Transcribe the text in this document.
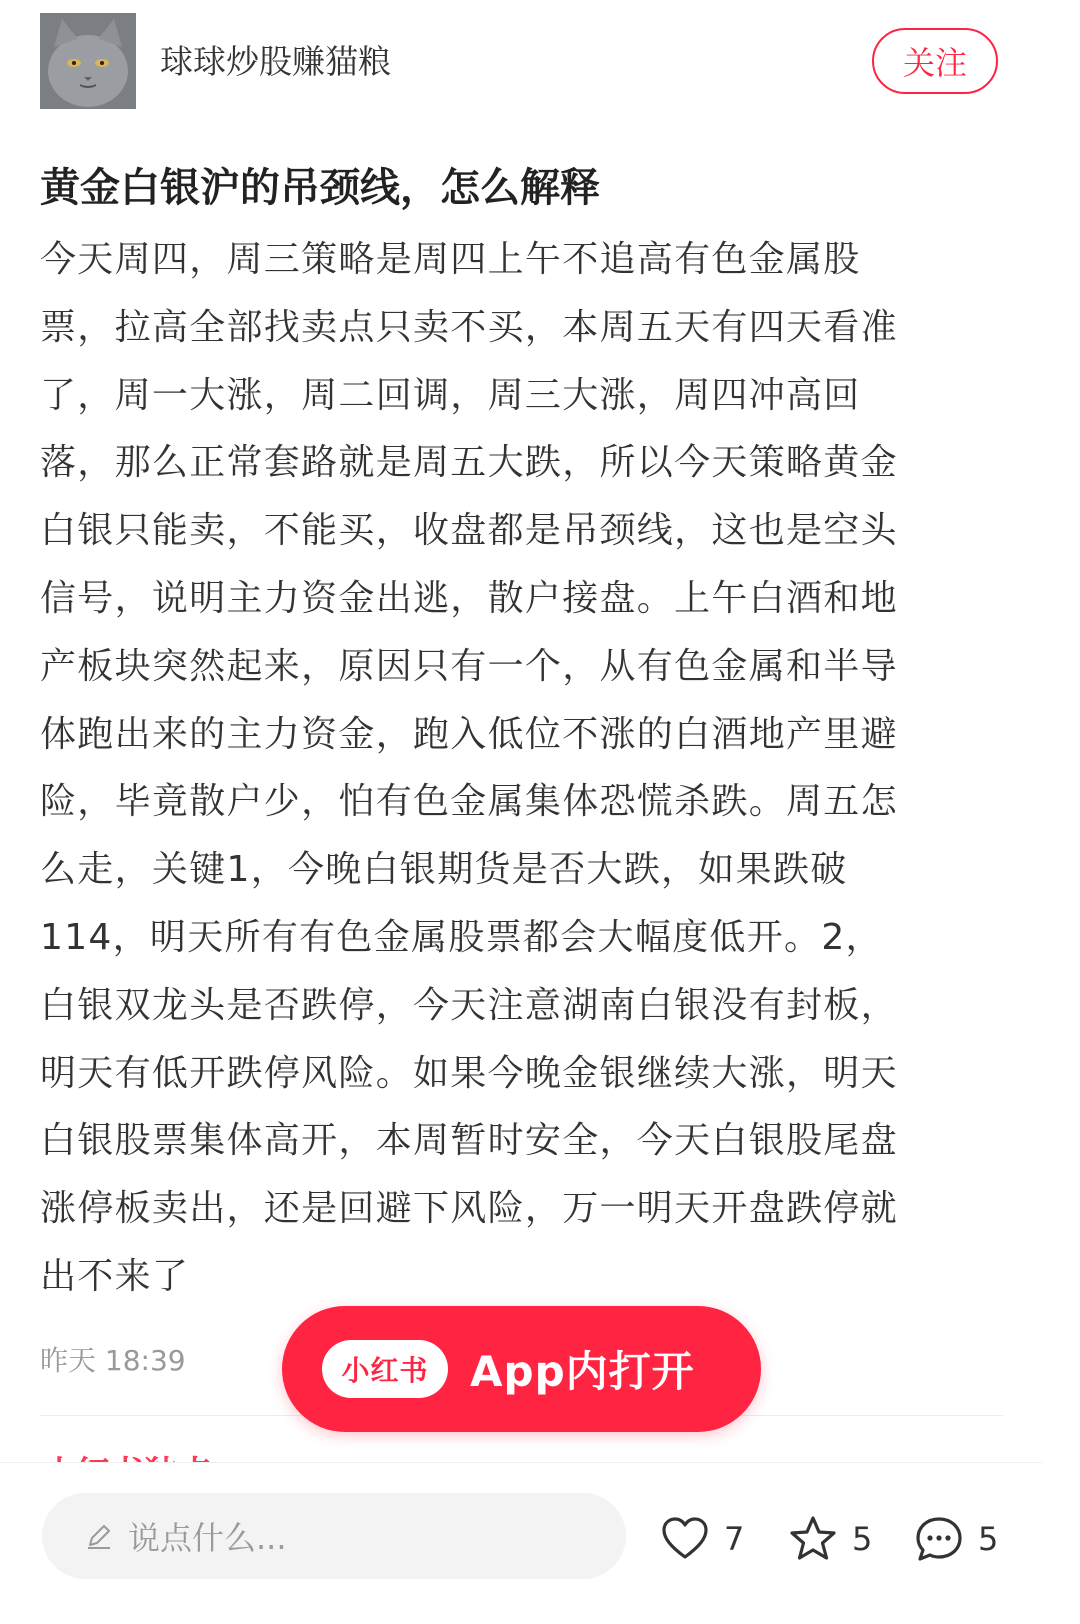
球球炒股赚猫粮	关注
黄金白银沪的吊颈线，怎么解释
今天周四，周三策略是周四上午不追高有色金属股
票，拉高全部找卖点只卖不买，本周五天有四天看准
了，周一大涨，周二回调，周三大涨，周四冲高回
落，那么正常套路就是周五大跌，所以今天策略黄金
白银只能卖，不能买，收盘都是吊颈线，这也是空头
信号，说明主力资金出逃，散户接盘。上午白酒和地
产板块突然起来，原因只有一个，从有色金属和半导
体跑出来的主力资金，跑入低位不涨的白酒地产里避
险，毕竟散户少，怕有色金属集体恐慌杀跌。周五怎
么走，关键1，今晚白银期货是否大跌，如果跌破
114，明天所有有色金属股票都会大幅度低开。2，
白银双龙头是否跌停，今天注意湖南白银没有封板，
明天有低开跌停风险。如果今晚金银继续大涨，明天
白银股票集体高开，本周暂时安全，今天白银股尾盘
涨停板卖出，还是回避下风险，万一明天开盘跌停就
出不来了
昨天 18:39	小红书 App内打开
说点什么...	7	5	5
